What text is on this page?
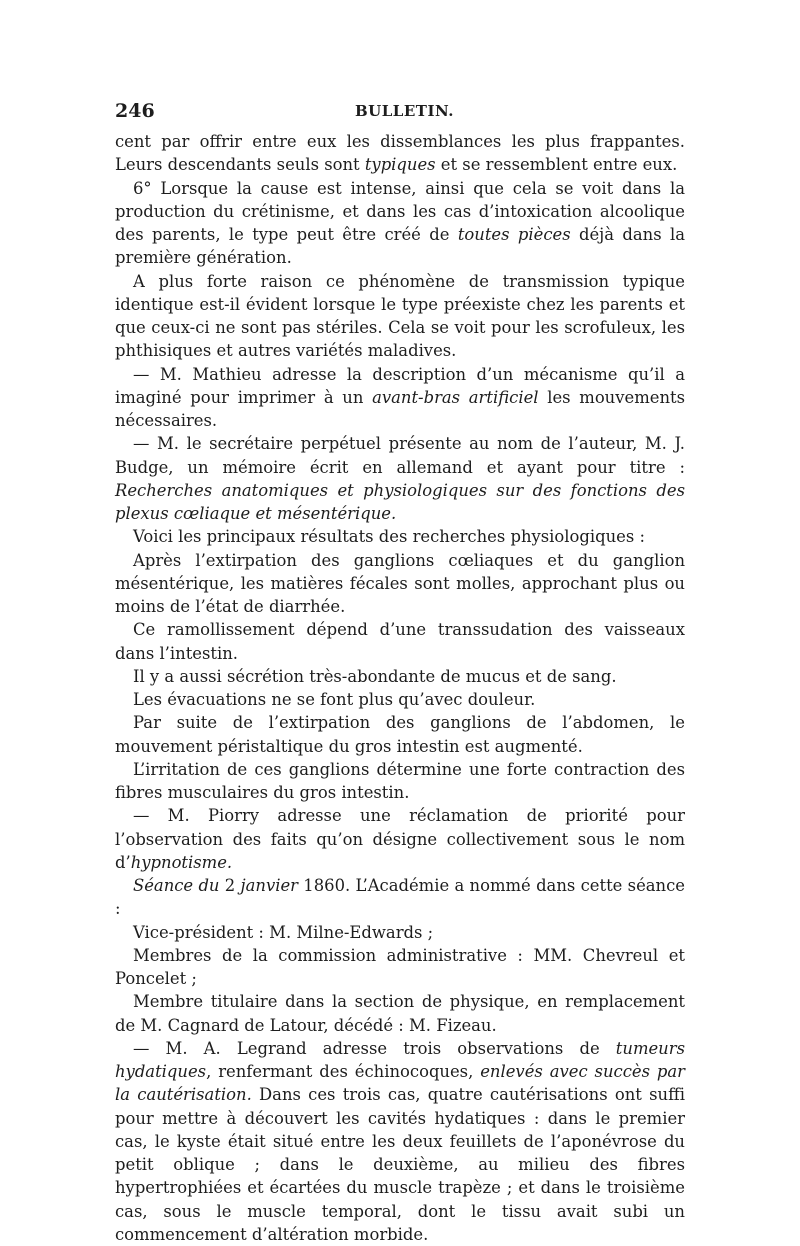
246	BULLETIN.

cent par offrir entre eux les dissemblances les plus frappantes. Leurs descendants seuls sont typiques et se ressemblent entre eux.

6° Lorsque la cause est intense, ainsi que cela se voit dans la production du crétinisme, et dans les cas d’intoxication alcoolique des parents, le type peut être créé de toutes pièces déjà dans la première génération.

A plus forte raison ce phénomène de transmission typique identique est-il évident lorsque le type préexiste chez les parents et que ceux-ci ne sont pas stériles. Cela se voit pour les scrofuleux, les phthisiques et autres variétés maladives.

— M. Mathieu adresse la description d’un mécanisme qu’il a imaginé pour imprimer à un avant-bras artificiel les mouvements nécessaires.

— M. le secrétaire perpétuel présente au nom de l’auteur, M. J. Budge, un mémoire écrit en allemand et ayant pour titre : Recherches anatomiques et physiologiques sur des fonctions des plexus cœliaque et mésentérique.

Voici les principaux résultats des recherches physiologiques :

Après l’extirpation des ganglions cœliaques et du ganglion mésentérique, les matières fécales sont molles, approchant plus ou moins de l’état de diarrhée.

Ce ramollissement dépend d’une transsudation des vaisseaux dans l’intestin.

Il y a aussi sécrétion très-abondante de mucus et de sang.

Les évacuations ne se font plus qu’avec douleur.

Par suite de l’extirpation des ganglions de l’abdomen, le mouvement péristaltique du gros intestin est augmenté.

L’irritation de ces ganglions détermine une forte contraction des fibres musculaires du gros intestin.

— M. Piorry adresse une réclamation de priorité pour l’observation des faits qu’on désigne collectivement sous le nom d’hypnotisme.

Séance du 2 janvier 1860. L’Académie a nommé dans cette séance :

Vice-président : M. Milne-Edwards ;

Membres de la commission administrative : MM. Chevreul et Poncelet ;

Membre titulaire dans la section de physique, en remplacement de M. Cagnard de Latour, décédé : M. Fizeau.

— M. A. Legrand adresse trois observations de tumeurs hydatiques, renfermant des échinocoques, enlevés avec succès par la cautérisation. Dans ces trois cas, quatre cautérisations ont suffi pour mettre à découvert les cavités hydatiques : dans le premier cas, le kyste était situé entre les deux feuillets de l’aponévrose du petit oblique ; dans le deuxième, au milieu des fibres hypertrophiées et écartées du muscle trapèze ; et dans le troisième cas, sous le muscle temporal, dont le tissu avait subi un commencement d’altération morbide.
